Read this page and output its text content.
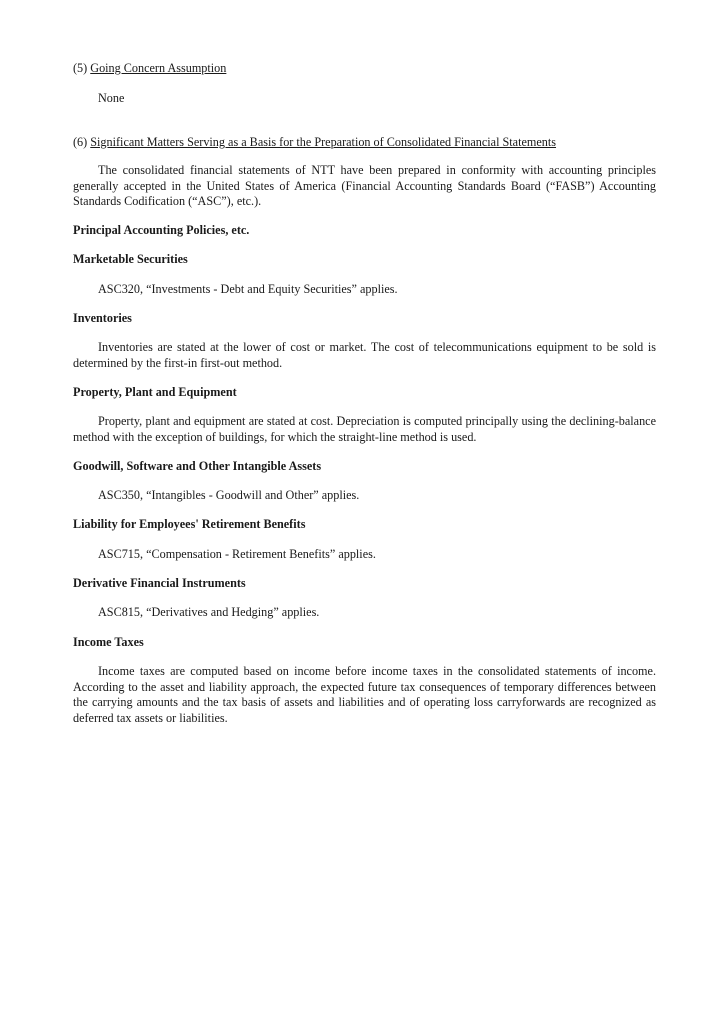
(5) Going Concern Assumption

None

(6) Significant Matters Serving as a Basis for the Preparation of Consolidated Financial Statements

The consolidated financial statements of NTT have been prepared in conformity with accounting principles generally accepted in the United States of America (Financial Accounting Standards Board (“FASB”) Accounting Standards Codification (“ASC”), etc.).

Principal Accounting Policies, etc.

Marketable Securities

ASC320, “Investments - Debt and Equity Securities” applies.

Inventories

Inventories are stated at the lower of cost or market. The cost of telecommunications equipment to be sold is determined by the first-in first-out method.

Property, Plant and Equipment

Property, plant and equipment are stated at cost. Depreciation is computed principally using the declining-balance method with the exception of buildings, for which the straight-line method is used.

Goodwill, Software and Other Intangible Assets

ASC350, “Intangibles - Goodwill and Other” applies.

Liability for Employees' Retirement Benefits

ASC715, “Compensation - Retirement Benefits” applies.

Derivative Financial Instruments

ASC815, “Derivatives and Hedging” applies.

Income Taxes

Income taxes are computed based on income before income taxes in the consolidated statements of income. According to the asset and liability approach, the expected future tax consequences of temporary differences between the carrying amounts and the tax basis of assets and liabilities and of operating loss carryforwards are recognized as deferred tax assets or liabilities.
